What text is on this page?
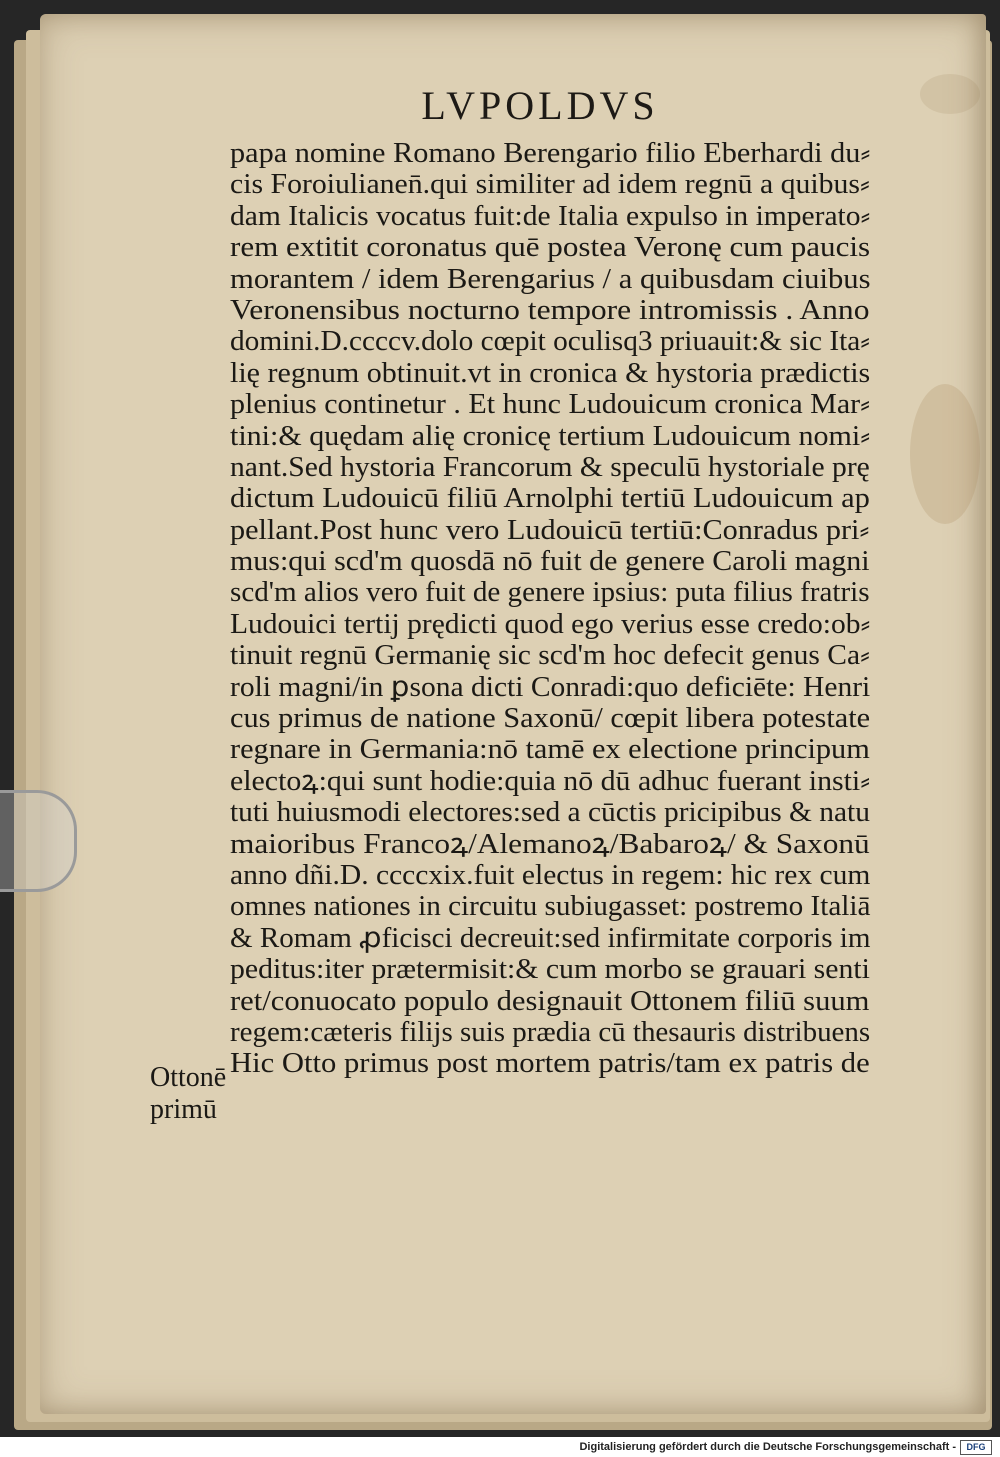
LVPOLDVS
papa nomine Romano Berengario filio Eberhardi du⸗
cis Foroiulianen̄.qui similiter ad idem regnū a quibus⸗
dam Italicis vocatus fuit:de Italia expulso in imperato⸗
rem extitit coronatus quē postea Veronę cum paucis
morantem / idem Berengarius / a quibusdam ciuibus
Veronensibus nocturno tempore intromissis . Anno
domini.D.ccccv.dolo cœpit oculisq3 priuauit:& sic Ita⸗
lię regnum obtinuit.vt in cronica & hystoria prædictis
plenius continetur . Et hunc Ludouicum cronica Mar⸗
tini:& quędam alię cronicę tertium Ludouicum nomi⸗
nant.Sed hystoria Francorum & speculū hystoriale prę
dictum Ludouicū filiū Arnolphi tertiū Ludouicum ap
pellant.Post hunc vero Ludouicū tertiū:Conradus pri⸗
mus:qui scd'm quosdā nō fuit de genere Caroli magni
scd'm alios vero fuit de genere ipsius: puta filius fratris
Ludouici tertij prędicti quod ego verius esse credo:ob⸗
tinuit regnū Germanię sic scd'm hoc defecit genus Ca⸗
roli magni/in ꝑsona dicti Conradi:quo deficiēte: Henri
cus primus de natione Saxonū/ cœpit libera potestate
regnare in Germania:nō tamē ex electione principum
electoꝝ:qui sunt hodie:quia nō dū adhuc fuerant insti⸗
tuti huiusmodi electores:sed a cūctis pricipibus & natu
maioribus Francoꝝ/Alemanoꝝ/Babaroꝝ/ & Saxonū
anno dñi.D. ccccxix.fuit electus in regem: hic rex cum
omnes nationes in circuitu subiugasset: postremo Italiā
& Romam ꝓficisci decreuit:sed infirmitate corporis im
peditus:iter prætermisit:& cum morbo se grauari senti
ret/conuocato populo designauit Ottonem filiū suum
regem:cæteris filijs suis prædia cū thesauris distribuens
Hic Otto primus post mortem patris/tam ex patris de
Ottonē
primū
Digitalisierung gefördert durch die Deutsche Forschungsgemeinschaft -	DFG
